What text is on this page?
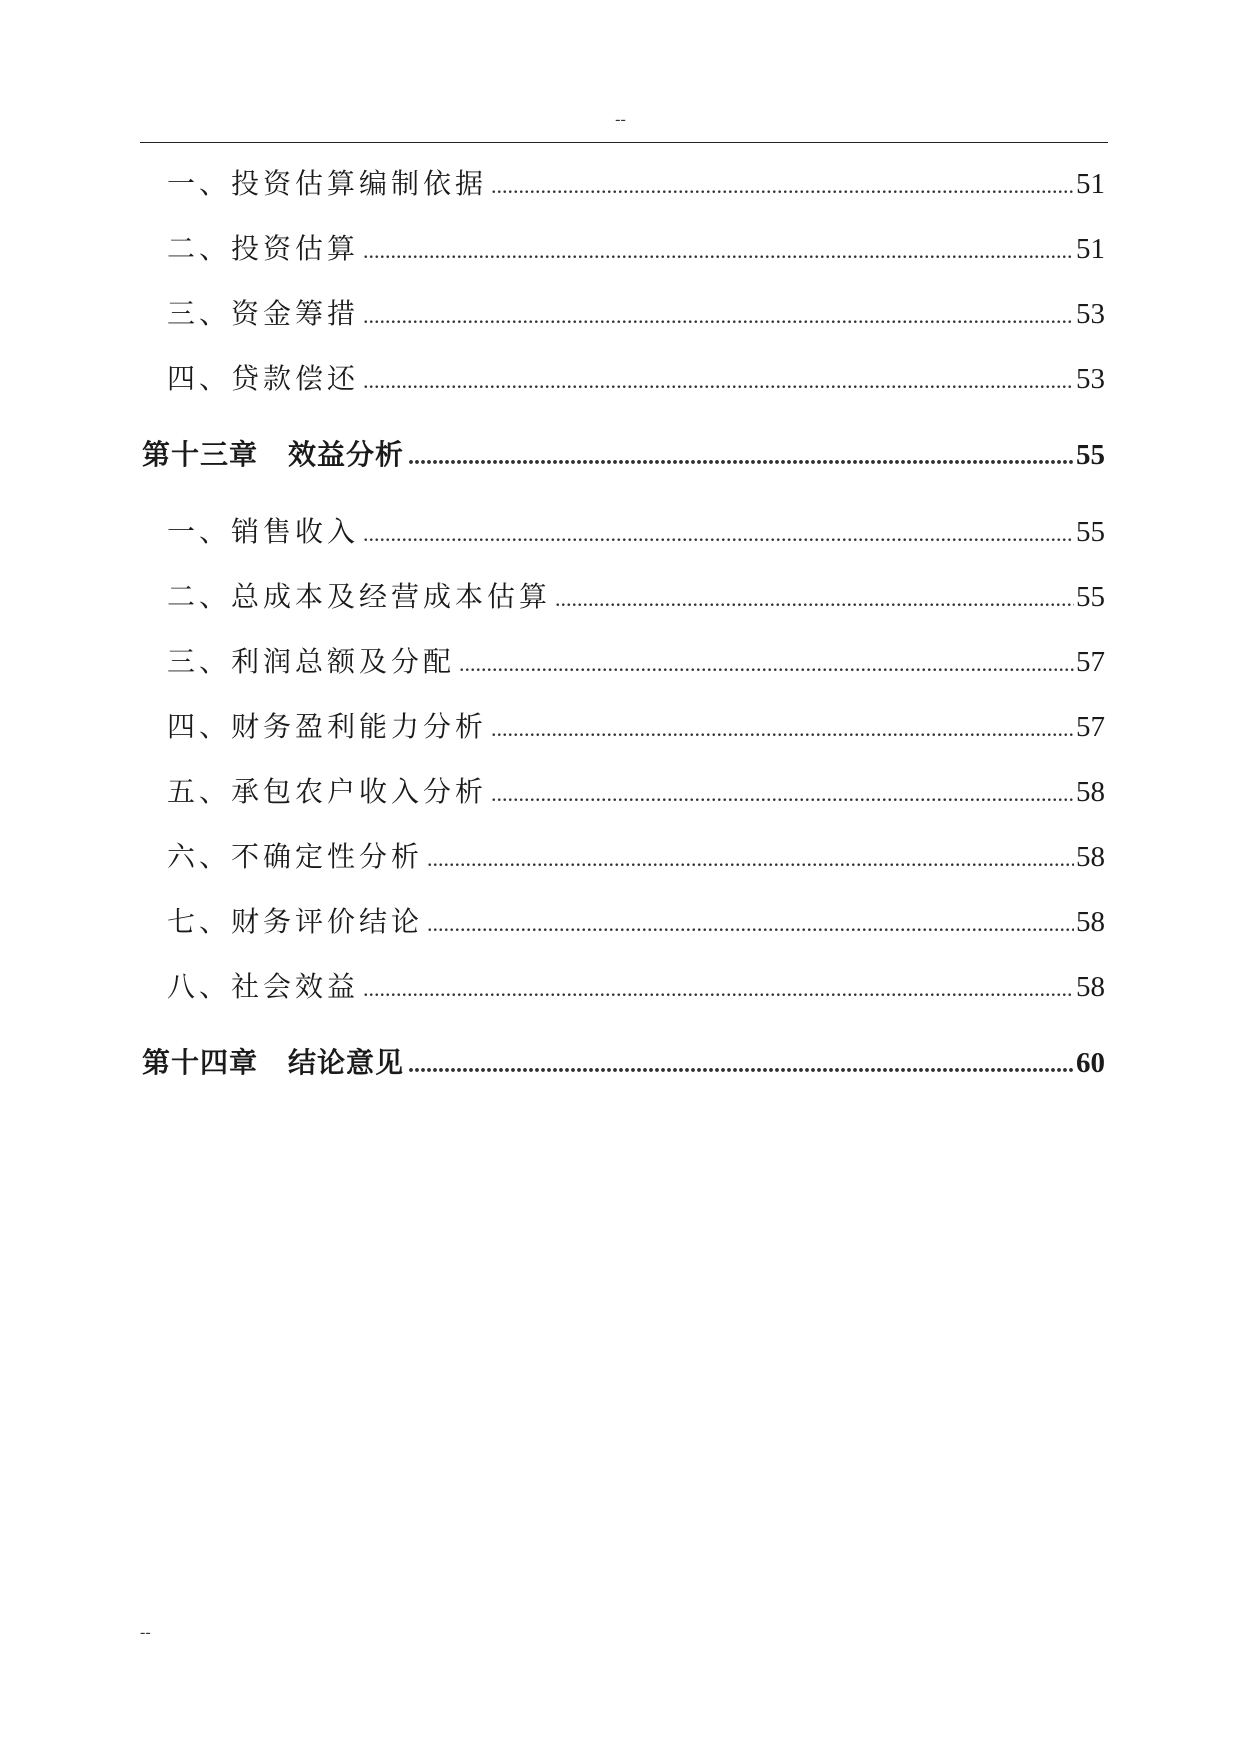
--
一、投资估算编制依据 .....	51
二、投资估算 .....	51
三、资金筹措 .....	53
四、贷款偿还 .....	53
第十三章 效益分析 .....	55
一、销售收入 .....	55
二、总成本及经营成本估算 .....	55
三、利润总额及分配 .....	57
四、财务盈利能力分析 .....	57
五、承包农户收入分析 .....	58
六、不确定性分析 .....	58
七、财务评价结论 .....	58
八、社会效益 .....	58
第十四章 结论意见 .....	60
--
